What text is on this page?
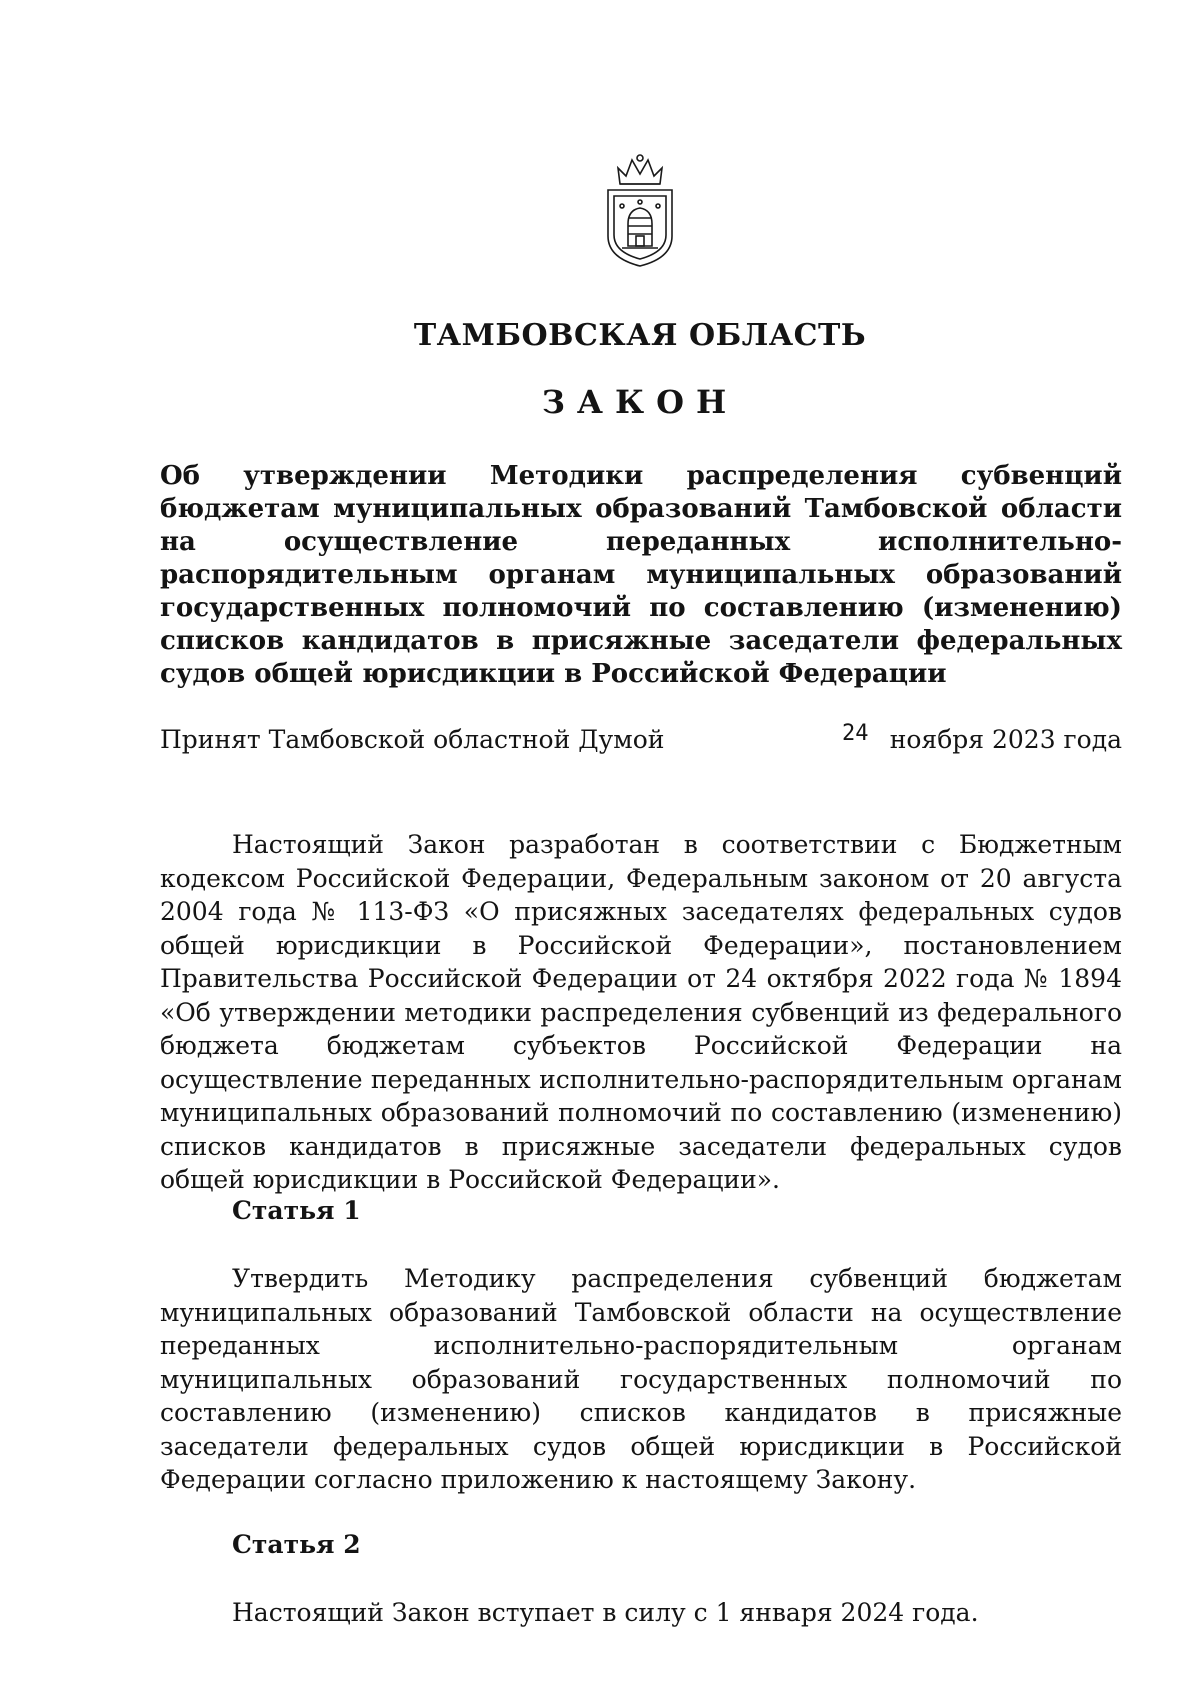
ТАМБОВСКАЯ ОБЛАСТЬ
ЗАКОН
Об утверждении Методики распределения субвенций бюджетам муниципальных образований Тамбовской области на осуществление переданных исполнительно-распорядительным органам муниципальных образований государственных полномочий по составлению (изменению) списков кандидатов в присяжные заседатели федеральных судов общей юрисдикции в Российской Федерации
Принят Тамбовской областной Думой	24 ноября 2023 года

Настоящий Закон разработан в соответствии с Бюджетным кодексом Российской Федерации, Федеральным законом от 20 августа 2004 года № 113-ФЗ «О присяжных заседателях федеральных судов общей юрисдикции в Российской Федерации», постановлением Правительства Российской Федерации от 24 октября 2022 года № 1894 «Об утверждении методики распределения субвенций из федерального бюджета бюджетам субъектов Российской Федерации на осуществление переданных исполнительно-распорядительным органам муниципальных образований полномочий по составлению (изменению) списков кандидатов в присяжные заседатели федеральных судов общей юрисдикции в Российской Федерации».

Статья 1

Утвердить Методику распределения субвенций бюджетам муниципальных образований Тамбовской области на осуществление переданных исполнительно-распорядительным органам муниципальных образований государственных полномочий по составлению (изменению) списков кандидатов в присяжные заседатели федеральных судов общей юрисдикции в Российской Федерации согласно приложению к настоящему Закону.

Статья 2
Настоящий Закон вступает в силу с 1 января 2024 года.
